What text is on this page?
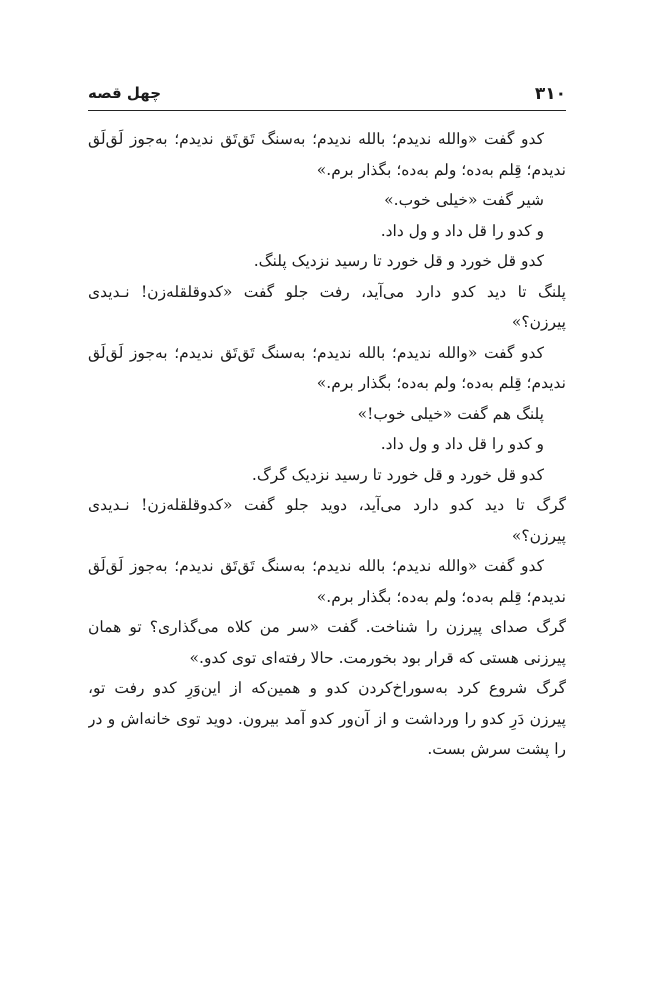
۳۱۰
چهل قصه
کدو گفت «والله ندیدم؛ بالله ندیدم؛ به‌سنگ تَق‌تَق ندیدم؛ به‌جوز لَق‌لَق
ندیدم؛ قِلم به‌ده؛ ولم به‌ده؛ بگذار برم.»
شیر گفت «خیلی خوب.»
و کدو را قل داد و ول داد.
کدو قل خورد و قل خورد تا رسید نزدیک پلنگ.
پلنگ تا دید کدو دارد می‌آید، رفت جلو گفت «کدوقلقله‌زن! نـدیدی
پیرزن؟»
کدو گفت «والله ندیدم؛ بالله ندیدم؛ به‌سنگ تَق‌تَق ندیدم؛ به‌جوز لَق‌لَق
ندیدم؛ قِلم به‌ده؛ ولم به‌ده؛ بگذار برم.»
پلنگ هم گفت «خیلی خوب!»
و کدو را قل داد و ول داد.
کدو قل خورد و قل خورد تا رسید نزدیک گرگ.
گرگ تا دید کدو دارد می‌آید، دوید جلو گفت «کدوقلقله‌زن! نـدیدی
پیرزن؟»
کدو گفت «والله ندیدم؛ بالله ندیدم؛ به‌سنگ تَق‌تَق ندیدم؛ به‌جوز لَق‌لَق
ندیدم؛ قِلم به‌ده؛ ولم به‌ده؛ بگذار برم.»
گرگ صدای پیرزن را شناخت. گفت «سر من کلاه می‌گذاری؟ تو همان
پیرزنی هستی که قرار بود بخورمت. حالا رفته‌ای توی کدو.»
گرگ شروع کرد به‌سوراخ‌کردن کدو و همین‌که از این‌وَرِ کدو رفت تو،
پیرزن دَرِ کدو را ورداشت و از آن‌ور کدو آمد بیرون. دوید توی خانه‌اش و در
را پشت سرش بست.
